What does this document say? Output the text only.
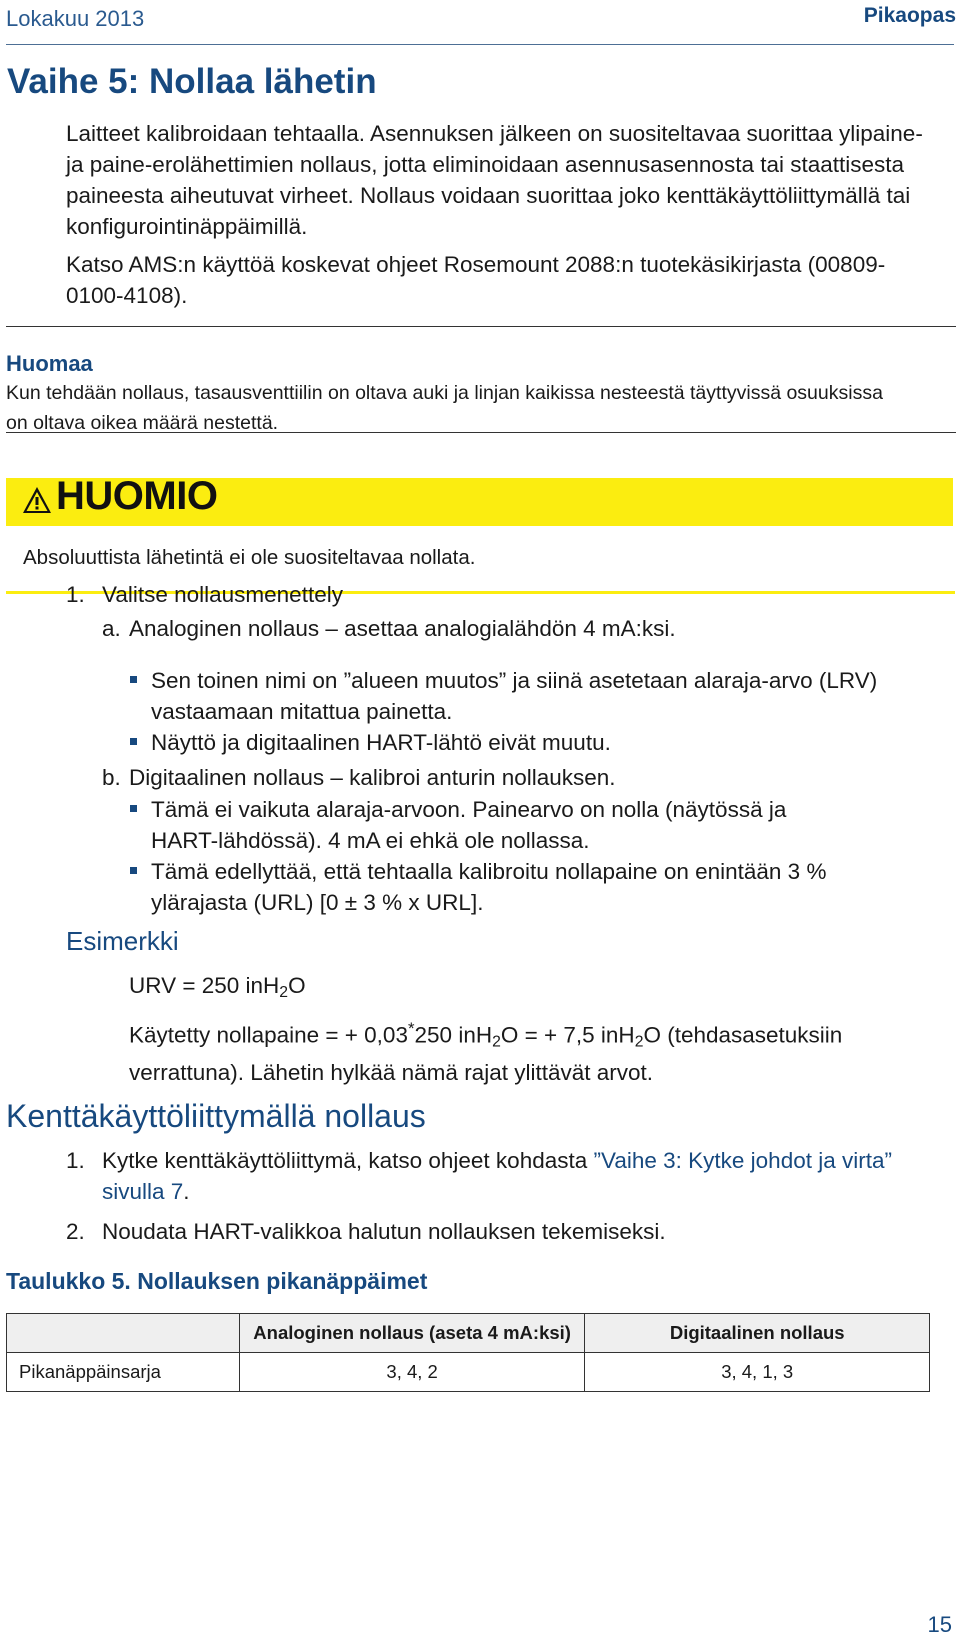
Lokakuu 2013	Pikaopas
Vaihe 5: Nollaa lähetin
Laitteet kalibroidaan tehtaalla. Asennuksen jälkeen on suositeltavaa suorittaa ylipaine- ja paine-erolähettimien nollaus, jotta eliminoidaan asennusasennosta tai staattisesta paineesta aiheutuvat virheet. Nollaus voidaan suorittaa joko kenttäkäyttöliittymällä tai konfigurointinäppäimillä.
Katso AMS:n käyttöä koskevat ohjeet Rosemount 2088:n tuotekäsikirjasta (00809-0100-4108).
Huomaa
Kun tehdään nollaus, tasausventtiilin on oltava auki ja linjan kaikissa nesteestä täyttyvissä osuuksissa on oltava oikea määrä nestettä.
HUOMIO
Absoluuttista lähetintä ei ole suositeltavaa nollata.
1. Valitse nollausmenettely
a. Analoginen nollaus – asettaa analogialähdön 4 mA:ksi.
Sen toinen nimi on ”alueen muutos” ja siinä asetetaan alaraja-arvo (LRV) vastaamaan mitattua painetta.
Näyttö ja digitaalinen HART-lähtö eivät muutu.
b. Digitaalinen nollaus – kalibroi anturin nollauksen.
Tämä ei vaikuta alaraja-arvoon. Painearvo on nolla (näytössä ja HART-lähdössä). 4 mA ei ehkä ole nollassa.
Tämä edellyttää, että tehtaalla kalibroitu nollapaine on enintään 3 % ylärajasta (URL) [0 ± 3 % x URL].
Esimerkki
URV = 250 inH$_2$O
Käytetty nollapaine = + 0,03*250 inH$_2$O = + 7,5 inH$_2$O (tehdasasetuksiin verrattuna). Lähetin hylkää nämä rajat ylittävät arvot.
Kenttäkäyttöliittymällä nollaus
1. Kytke kenttäkäyttöliittymä, katso ohjeet kohdasta ”Vaihe 3: Kytke johdot ja virta” sivulla 7.
2. Noudata HART-valikkoa halutun nollauksen tekemiseksi.
Taulukko 5. Nollauksen pikanäppäimet
	Analoginen nollaus (aseta 4 mA:ksi)	Digitaalinen nollaus
Pikanäppäinsarja	3, 4, 2	3, 4, 1, 3
15
